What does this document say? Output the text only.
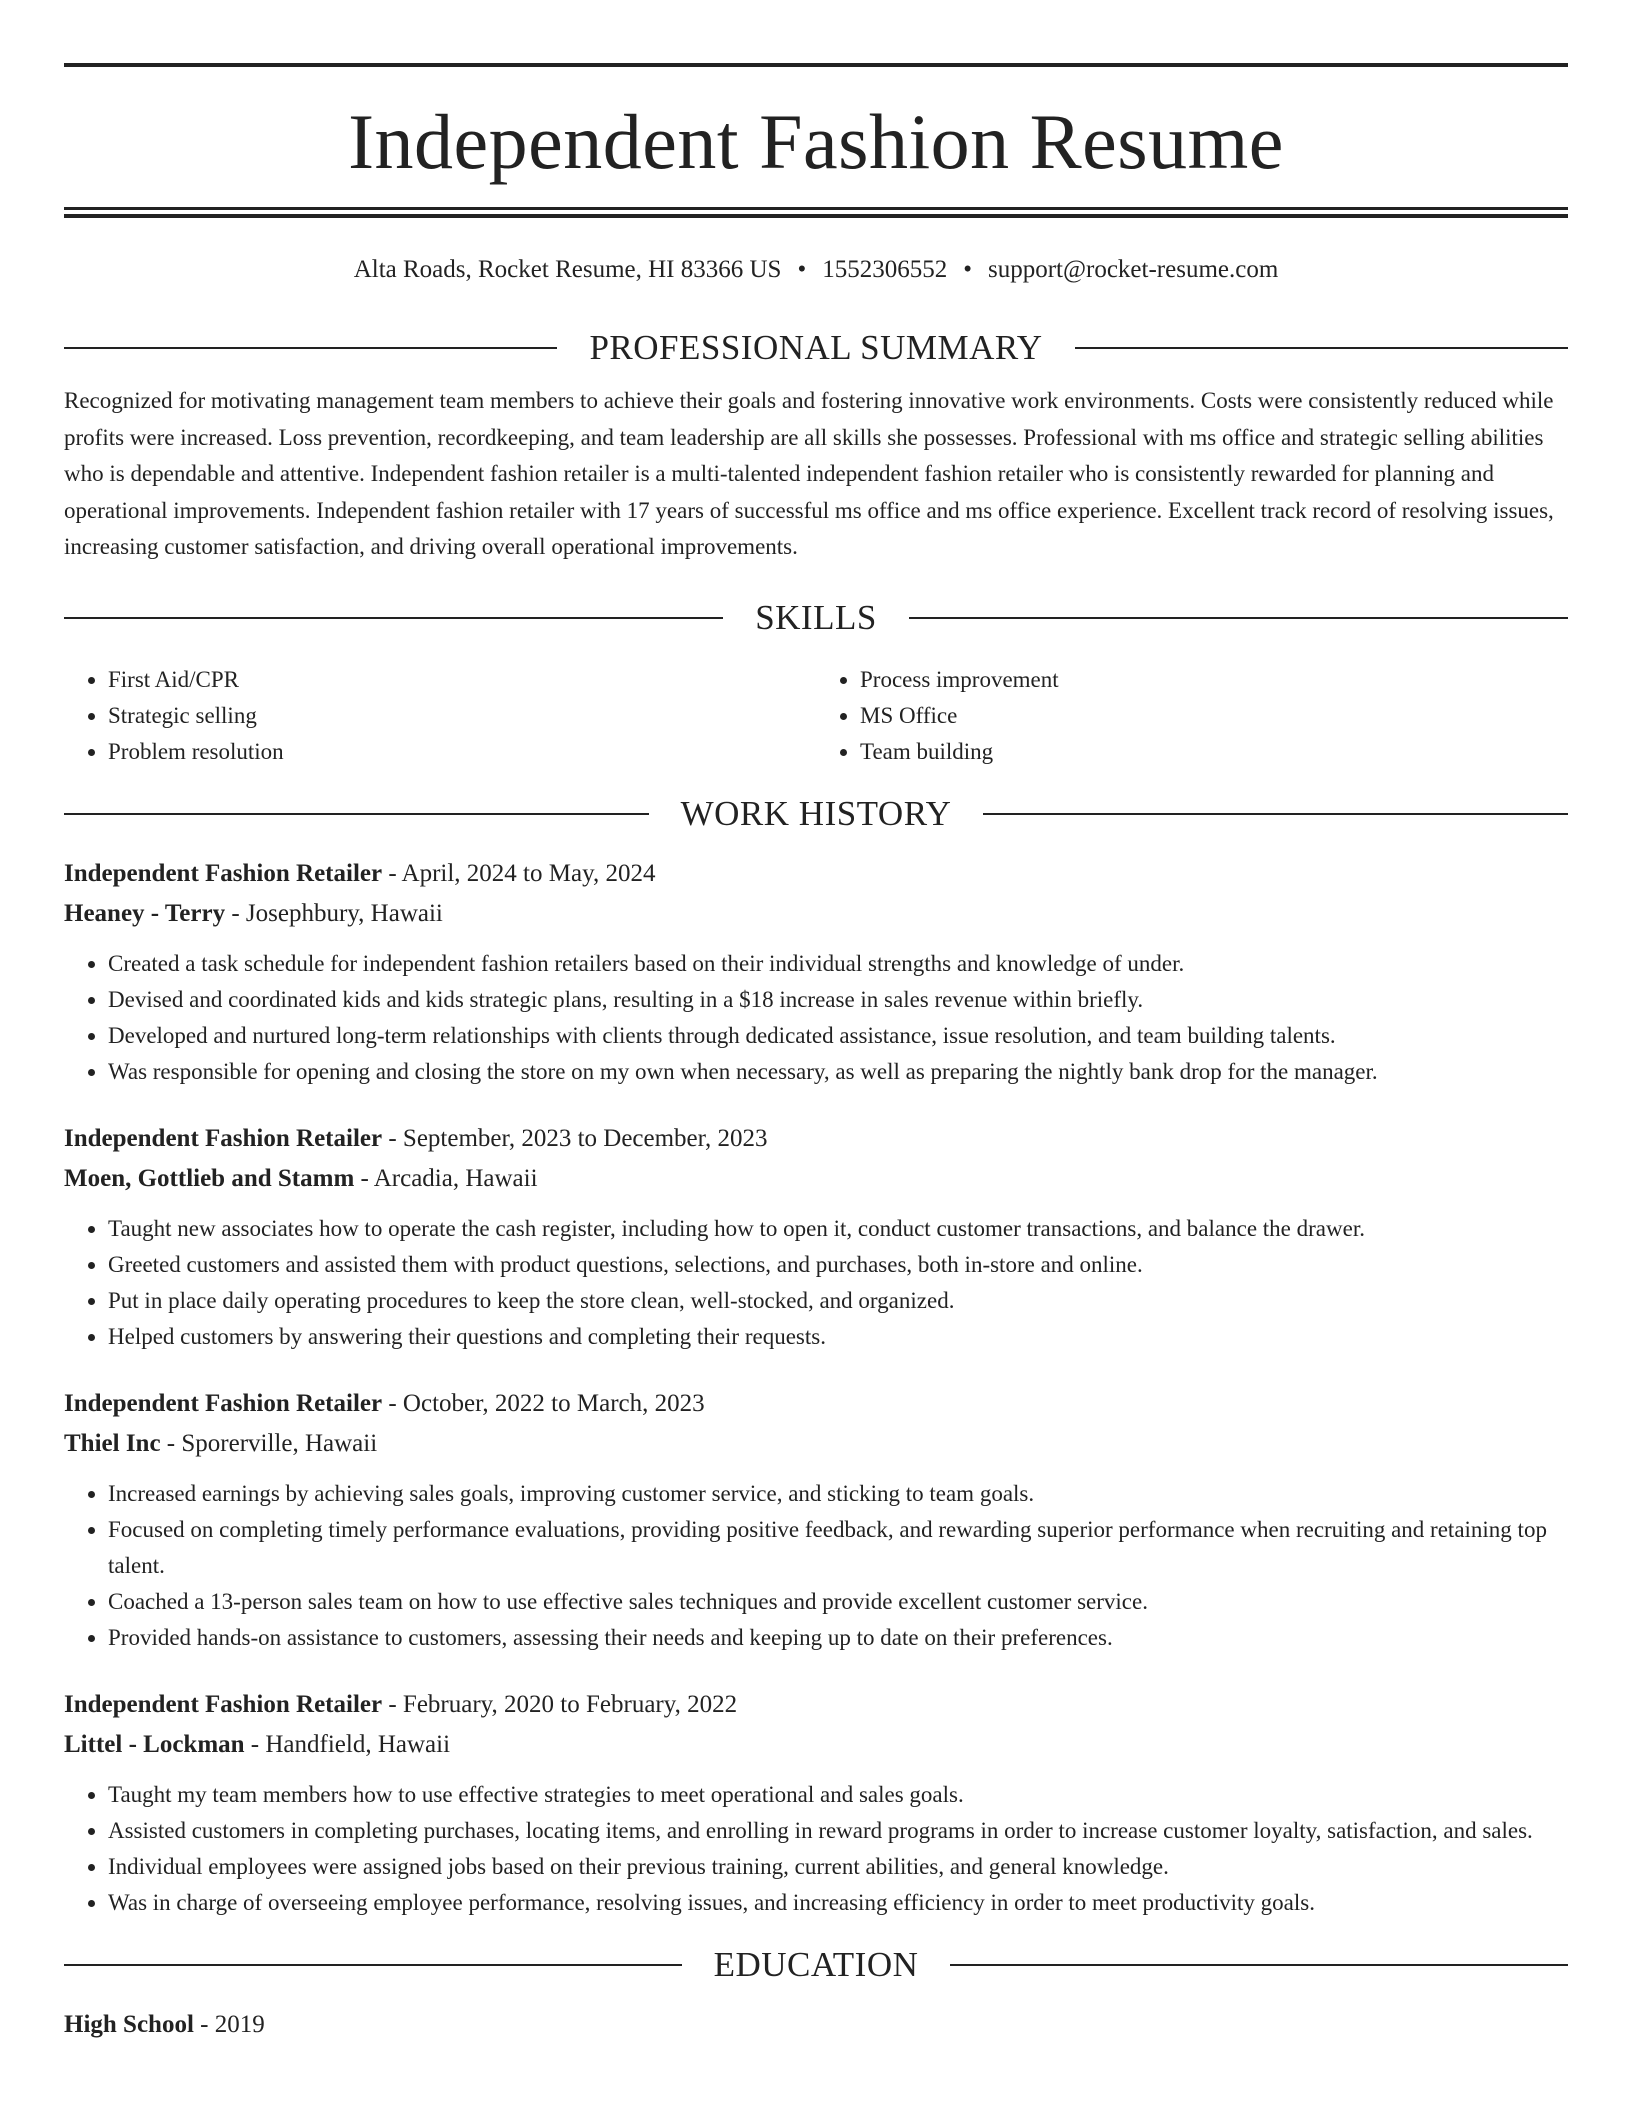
Independent Fashion Resume
Alta Roads, Rocket Resume, HI 83366 US • 1552306552 • support@rocket-resume.com
PROFESSIONAL SUMMARY

Recognized for motivating management team members to achieve their goals and fostering innovative work environments. Costs were consistently reduced while profits were increased. Loss prevention, recordkeeping, and team leadership are all skills she possesses. Professional with ms office and strategic selling abilities who is dependable and attentive. Independent fashion retailer is a multi-talented independent fashion retailer who is consistently rewarded for planning and operational improvements. Independent fashion retailer with 17 years of successful ms office and ms office experience. Excellent track record of resolving issues, increasing customer satisfaction, and driving overall operational improvements.

SKILLS
• First Aid/CPR
• Strategic selling
• Problem resolution
• Process improvement
• MS Office
• Team building
WORK HISTORY
Independent Fashion Retailer - April, 2024 to May, 2024
Heaney - Terry - Josephbury, Hawaii
• Created a task schedule for independent fashion retailers based on their individual strengths and knowledge of under.
• Devised and coordinated kids and kids strategic plans, resulting in a $18 increase in sales revenue within briefly.
• Developed and nurtured long-term relationships with clients through dedicated assistance, issue resolution, and team building talents.
• Was responsible for opening and closing the store on my own when necessary, as well as preparing the nightly bank drop for the manager.
Independent Fashion Retailer - September, 2023 to December, 2023
Moen, Gottlieb and Stamm - Arcadia, Hawaii
• Taught new associates how to operate the cash register, including how to open it, conduct customer transactions, and balance the drawer.
• Greeted customers and assisted them with product questions, selections, and purchases, both in-store and online.
• Put in place daily operating procedures to keep the store clean, well-stocked, and organized.
• Helped customers by answering their questions and completing their requests.
Independent Fashion Retailer - October, 2022 to March, 2023
Thiel Inc - Sporerville, Hawaii
• Increased earnings by achieving sales goals, improving customer service, and sticking to team goals.
• Focused on completing timely performance evaluations, providing positive feedback, and rewarding superior performance when recruiting and retaining top talent.
• Coached a 13-person sales team on how to use effective sales techniques and provide excellent customer service.
• Provided hands-on assistance to customers, assessing their needs and keeping up to date on their preferences.
Independent Fashion Retailer - February, 2020 to February, 2022
Littel - Lockman - Handfield, Hawaii
• Taught my team members how to use effective strategies to meet operational and sales goals.
• Assisted customers in completing purchases, locating items, and enrolling in reward programs in order to increase customer loyalty, satisfaction, and sales.
• Individual employees were assigned jobs based on their previous training, current abilities, and general knowledge.
• Was in charge of overseeing employee performance, resolving issues, and increasing efficiency in order to meet productivity goals.
EDUCATION
High School - 2019
